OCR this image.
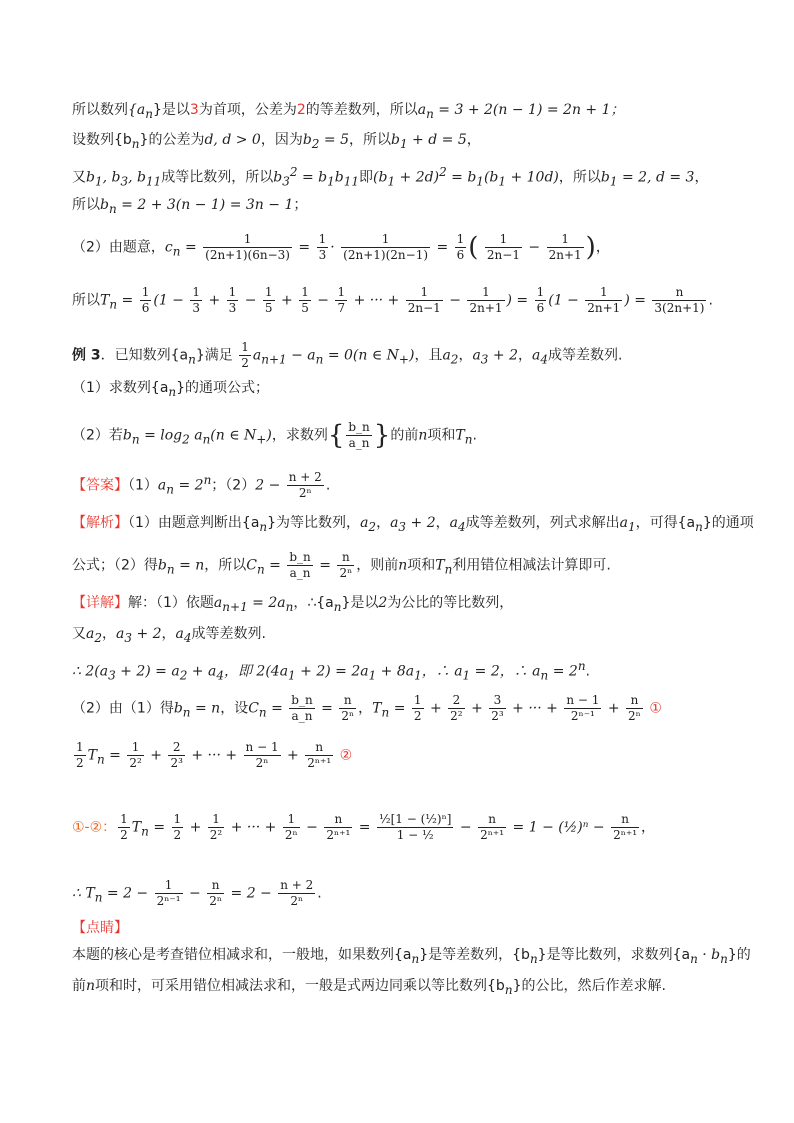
所以数列$\{a_n\}$是以3为首项，公差为2的等差数列，所以$a_n = 3 + 2(n - 1) = 2n + 1$；
设数列$\{b_n\}$的公差为d, d > 0，因为$b_2 = 5$，所以$b_1 + d = 5$，
又$b_1$, $b_3$, $b_{11}$成等比数列，所以$b_3^2 = b_1b_{11}$即$(b_1 + 2d)^2 = b_1(b_1 + 10d)$，所以$b_1 = 2$, d = 3，
所以$b_n = 2 + 3(n - 1) = 3n - 1$；
（2）由题意，$c_n = \frac{1}{(2n+1)(6n-3)} = \frac{1}{3} \cdot \frac{1}{(2n+1)(2n-1)} = \frac{1}{6}$ ( $\frac{1}{2n-1} - \frac{1}{2n+1}$ )，
所以$T_n = \frac{1}{6} (1 - \frac{1}{3} + \frac{1}{3} - \frac{1}{5} + \frac{1}{5} - \frac{1}{7}$ + ··· + $\frac{1}{2n-1} - \frac{1}{2n+1}$ ) = $\frac{1}{6} (1 - \frac{1}{2n+1}$ ) = $\frac{n}{3(2n+1)}$ .
例 3．已知数列$\{a_n\}$满足 $\frac{1}{2} a_{n+1} - a_n = 0(n$ ∈ $N_+$)，且$a_2$，$a_3 + 2$，$a_4$成等差数列.
（1）求数列$\{a_n\}$的通项公式；
（2）若$b_n = \log_2 a_n(n$ ∈ $N_+$)，求数列{ $\frac{b\_n}{a\_n}$ }的前n项和$T_n$.
【答案】$(1)a_n = 2^n$；$(2)2 - \frac{n + 2}{\text{2ⁿ}}$ .
【解析】（1）由题意判断出$\{a_n\}$为等比数列，$a_2$，$a_3 + 2$，$a_4$成等差数列，列式求解出$a_1$，可得$\{a_n\}$的通项
公式；（2）得$b_n = n$，所以$C_n = \frac{b\_n}{a\_n} = \frac{n}{\text{2ⁿ}}$ ，则前n项和$T_n$利用错位相减法计算即可.
【详解】解：（1）依题$a_{n+1} = 2a_n$，$\therefore\{a_n\}$是以2为公比的等比数列，
又$a_2$，$a_3 + 2$，$a_4$成等差数列.
∴ $2(a_3 + 2) = a_2 + a_4$，即 $2(4a_1 + 2) = 2a_1 + 8a_1$，∴ $a_1 = 2$，∴ $a_n = 2^n$.
（2）由（1）得$b_n = n$，设$C_n = \frac{b\_n}{a\_n} = \frac{n}{\text{2ⁿ}}$ ，$T_n = \frac{1}{2} + \frac{2}{\text{2²}} + \frac{3}{\text{2³}}$ + ··· + $\frac{n - 1}{\text{2ⁿ⁻¹}} + \frac{n}{\text{2ⁿ}}$ ①
$\frac{1}{2} T_n = \frac{1}{\text{2²}} + \frac{2}{\text{2³}}$ + ··· + $\frac{n - 1}{\text{2ⁿ}} + \frac{n}{\text{2ⁿ⁺¹}}$ ②
①-②： $\frac{1}{2} T_n = \frac{1}{2} + \frac{1}{\text{2²}}$ + ··· + $\frac{1}{\text{2ⁿ}} - \frac{n}{\text{2ⁿ⁺¹}} = \frac{\text{½[1 − (½)ⁿ]}}{\text{1 − ½}} - \frac{n}{\text{2ⁿ⁺¹}} = 1$ − (½)ⁿ − $\frac{n}{\text{2ⁿ⁺¹}}$ ，
∴ $T_n = 2 - \frac{1}{\text{2ⁿ⁻¹}} - \frac{n}{\text{2ⁿ}} = 2 - \frac{n + 2}{\text{2ⁿ}}$ .
【点睛】
本题的核心是考查错位相减求和，一般地，如果数列$\{a_n\}$是等差数列，$\{b_n\}$是等比数列，求数列$\{a_n \cdot b_n\}$的
前n项和时，可采用错位相减法求和，一般是式两边同乘以等比数列$\{b_n\}$的公比，然后作差求解.
